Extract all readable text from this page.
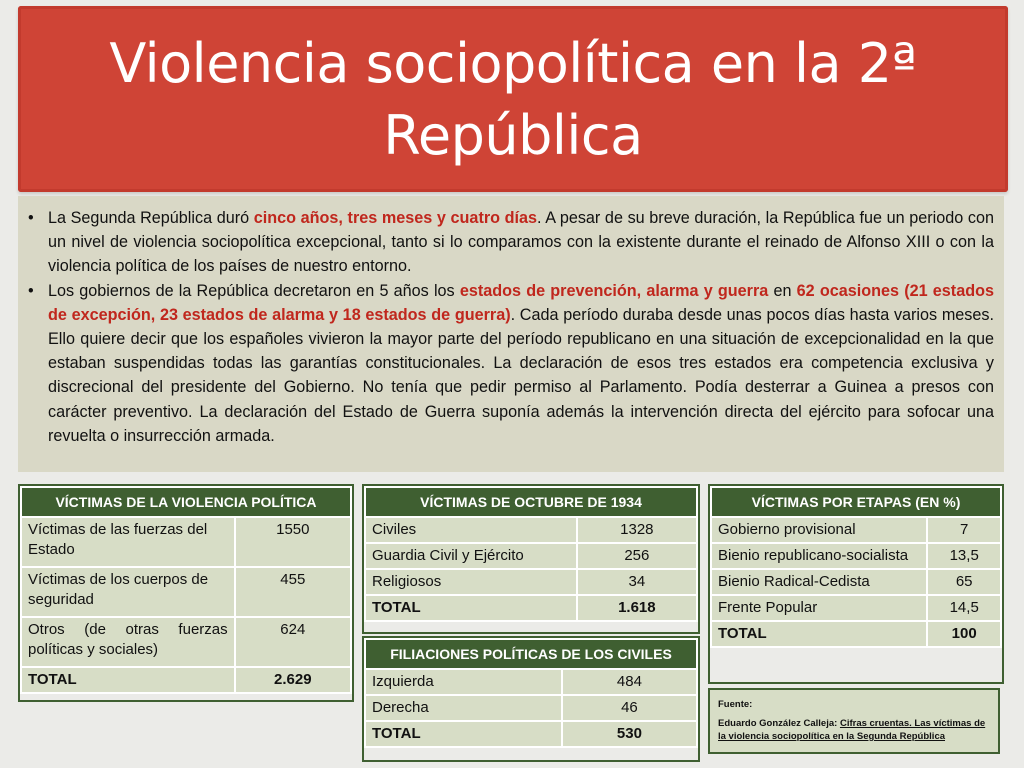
Violencia sociopolítica en la 2ª
República
• La Segunda República duró cinco años, tres meses y cuatro días. A pesar de su breve duración, la República fue un periodo con un nivel de violencia sociopolítica excepcional, tanto si lo comparamos con la existente durante el reinado de Alfonso XIII o con la violencia política de los países de nuestro entorno.
• Los gobiernos de la República decretaron en 5 años los estados de prevención, alarma y guerra en 62 ocasiones (21 estados de excepción, 23 estados de alarma y 18 estados de guerra). Cada período duraba desde unas pocos días hasta varios meses. Ello quiere decir que los españoles vivieron la mayor parte del período republicano en una situación de excepcionalidad en la que estaban suspendidas todas las garantías constitucionales. La declaración de esos tres estados era competencia exclusiva y discrecional del presidente del Gobierno. No tenía que pedir permiso al Parlamento. Podía desterrar a Guinea a presos con carácter preventivo. La declaración del Estado de Guerra suponía además la intervención directa del ejército para sofocar una revuelta o insurrección armada.
VÍCTIMAS DE LA VIOLENCIA POLÍTICA	
Víctimas de las fuerzas del Estado	1550
Víctimas de los cuerpos de seguridad	455
Otros (de otras fuerzas políticas y sociales)	624
TOTAL	2.629
VÍCTIMAS DE OCTUBRE DE 1934	
Civiles	1328
Guardia Civil y Ejército	256
Religiosos	34
TOTAL	1.618
FILIACIONES POLÍTICAS DE LOS CIVILES	
Izquierda	484
Derecha	46
TOTAL	530
VÍCTIMAS POR ETAPAS (EN %)	
Gobierno provisional	7
Bienio republicano-socialista	13,5
Bienio Radical-Cedista	65
Frente Popular	14,5
TOTAL	100
Fuente:
Eduardo González Calleja: Cifras cruentas. Las víctimas de la violencia sociopolítica en la Segunda República
